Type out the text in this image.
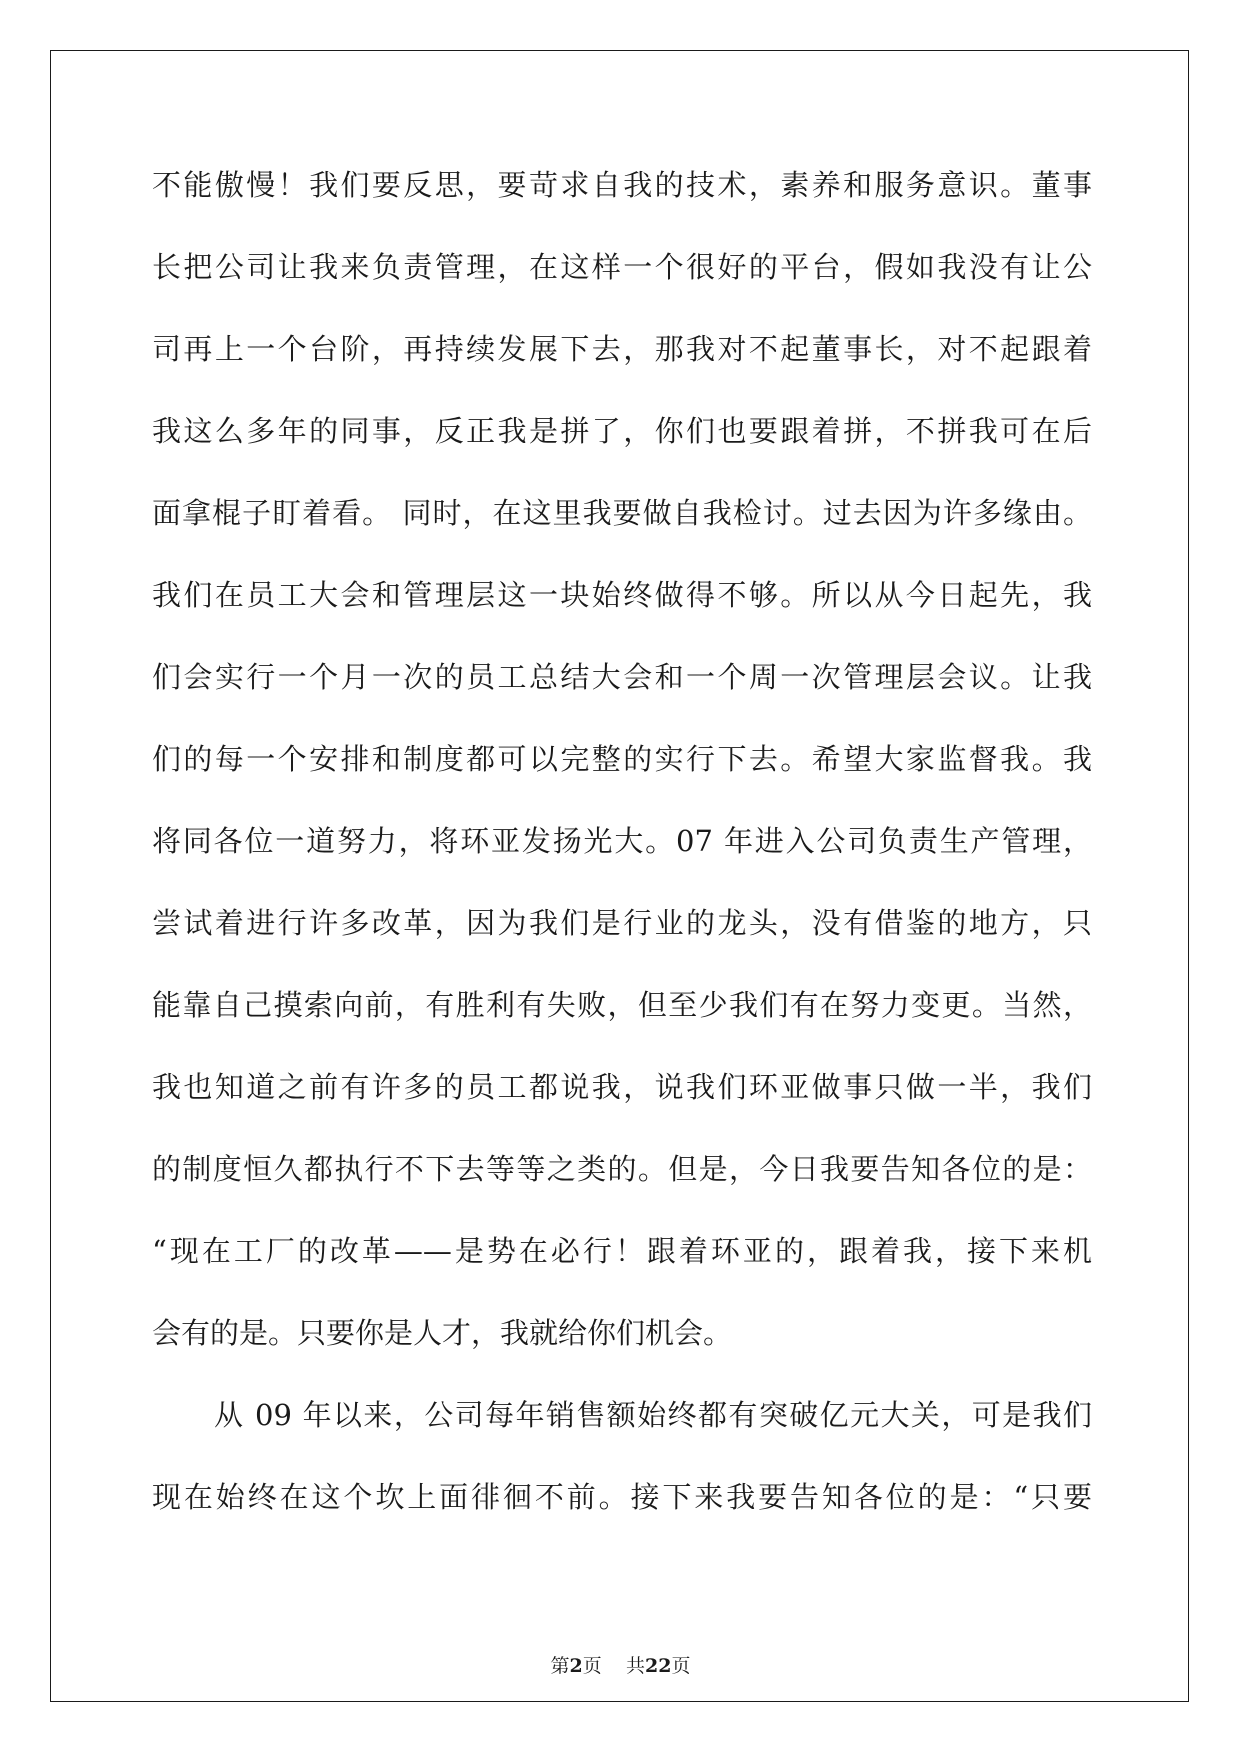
不能傲慢！我们要反思，要苛求自我的技术，素养和服务意识。董事
长把公司让我来负责管理，在这样一个很好的平台，假如我没有让公
司再上一个台阶，再持续发展下去，那我对不起董事长，对不起跟着
我这么多年的同事，反正我是拼了，你们也要跟着拼，不拼我可在后
面拿棍子盯着看。 同时，在这里我要做自我检讨。过去因为许多缘由。
我们在员工大会和管理层这一块始终做得不够。所以从今日起先，我
们会实行一个月一次的员工总结大会和一个周一次管理层会议。让我
们的每一个安排和制度都可以完整的实行下去。希望大家监督我。我
将同各位一道努力，将环亚发扬光大。07 年进入公司负责生产管理，
尝试着进行许多改革，因为我们是行业的龙头，没有借鉴的地方，只
能靠自己摸索向前，有胜利有失败，但至少我们有在努力变更。当然，
我也知道之前有许多的员工都说我，说我们环亚做事只做一半，我们
的制度恒久都执行不下去等等之类的。但是，今日我要告知各位的是：
“现在工厂的改革——是势在必行！跟着环亚的，跟着我，接下来机
会有的是。只要你是人才，我就给你们机会。
从 09 年以来，公司每年销售额始终都有突破亿元大关，可是我们
现在始终在这个坎上面徘徊不前。接下来我要告知各位的是：“只要
第2页 共22页
